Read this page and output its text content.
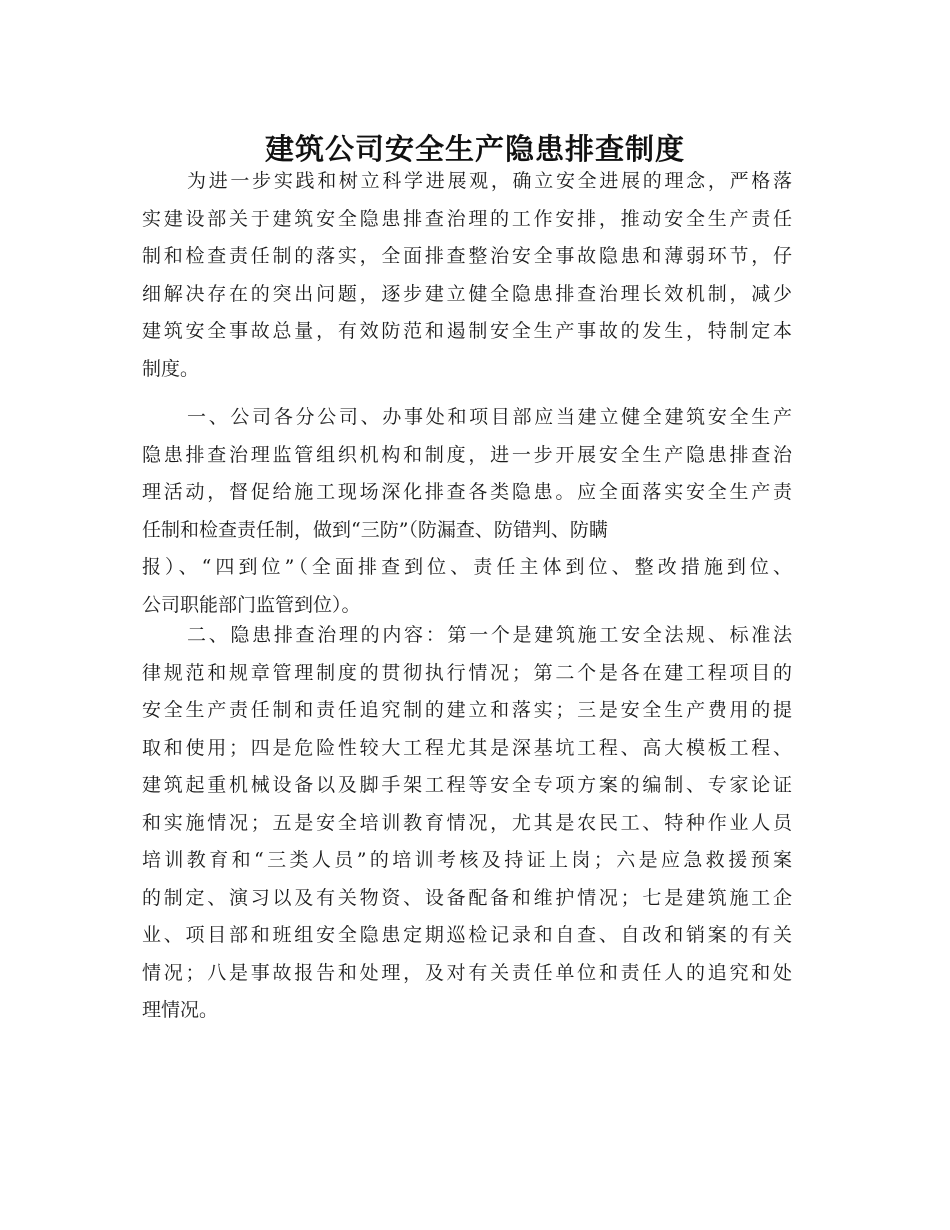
建筑公司安全生产隐患排查制度

为进一步实践和树立科学进展观，确立安全进展的理念，严格落
实建设部关于建筑安全隐患排查治理的工作安排，推动安全生产责任
制和检查责任制的落实，全面排查整治安全事故隐患和薄弱环节，仔
细解决存在的突出问题，逐步建立健全隐患排查治理长效机制，减少
建筑安全事故总量，有效防范和遏制安全生产事故的发生，特制定本
制度。

一、公司各分公司、办事处和项目部应当建立健全建筑安全生产
隐患排查治理监管组织机构和制度，进一步开展安全生产隐患排查治
理活动，督促给施工现场深化排查各类隐患。应全面落实安全生产责
任制和检查责任制，做到“三防”（防漏查、防错判、防瞒
报）、“四到位”（全面排查到位、责任主体到位、整改措施到位、
公司职能部门监管到位）。

二、隐患排查治理的内容：第一个是建筑施工安全法规、标准法
律规范和规章管理制度的贯彻执行情况；第二个是各在建工程项目的
安全生产责任制和责任追究制的建立和落实；三是安全生产费用的提
取和使用；四是危险性较大工程尤其是深基坑工程、高大模板工程、
建筑起重机械设备以及脚手架工程等安全专项方案的编制、专家论证
和实施情况；五是安全培训教育情况，尤其是农民工、特种作业人员
培训教育和“三类人员”的培训考核及持证上岗；六是应急救援预案
的制定、演习以及有关物资、设备配备和维护情况；七是建筑施工企
业、项目部和班组安全隐患定期巡检记录和自查、自改和销案的有关
情况；八是事故报告和处理，及对有关责任单位和责任人的追究和处
理情况。
